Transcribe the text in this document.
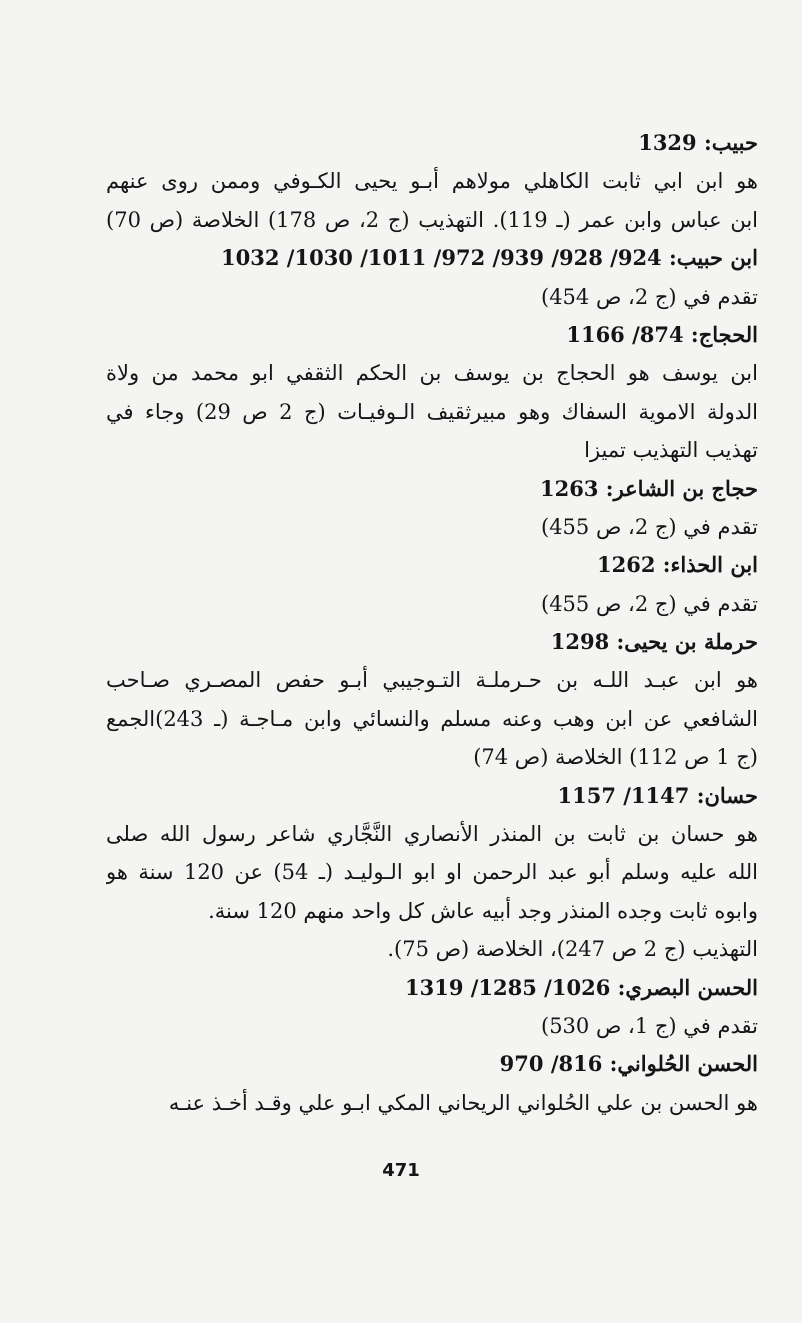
حبيب: 1329
هو ابن ابي ثابت الكاهلي مولاهم أبـو يحيى الكـوفي وممن روى عنهم
ابن عباس وابن عمر (ـ 119). التهذيب (ج 2، ص 178) الخلاصة (ص 70)
ابن حبيب: 924/ 928/ 939/ 972/ 1011/ 1030/ 1032
تقدم في (ج 2، ص 454)
الحجاج: 874/ 1166
ابن يوسف هو الحجاج بن يوسف بن الحكم الثقفي ابو محمد من ولاة
الدولة الاموية السفاك وهو مبيرثقيف الـوفيـات (ج 2 ص 29) وجاء في
تهذيب التهذيب تميزا
حجاج بن الشاعر: 1263
تقدم في (ج 2، ص 455)
ابن الحذاء: 1262
تقدم في (ج 2، ص 455)
حرملة بن يحيى: 1298
هو ابن عبـد اللـه بن حـرملـة التـوجيبي أبـو حفص المصـري صـاحب
الشافعي عن ابن وهب وعنه مسلم والنسائي وابن مـاجـة (ـ 243)الجمع
(ج 1 ص 112) الخلاصة (ص 74)
حسان: 1147/ 1157
هو حسان بن ثابت بن المنذر الأنصاري النَّجَّاري شاعر رسول الله صلى
الله عليه وسلم أبو عبد الرحمن او ابو الـوليـد (ـ 54) عن 120 سنة هو
وابوه ثابت وجده المنذر وجد أبيه عاش كل واحد منهم 120 سنة.
التهذيب (ج 2 ص 247)، الخلاصة (ص 75).
الحسن البصري: 1026/ 1285/ 1319
تقدم في (ج 1، ص 530)
الحسن الحُلواني: 816/ 970
هو الحسن بن علي الحُلواني الريحاني المكي ابـو علي وقـد أخـذ عنـه
471
